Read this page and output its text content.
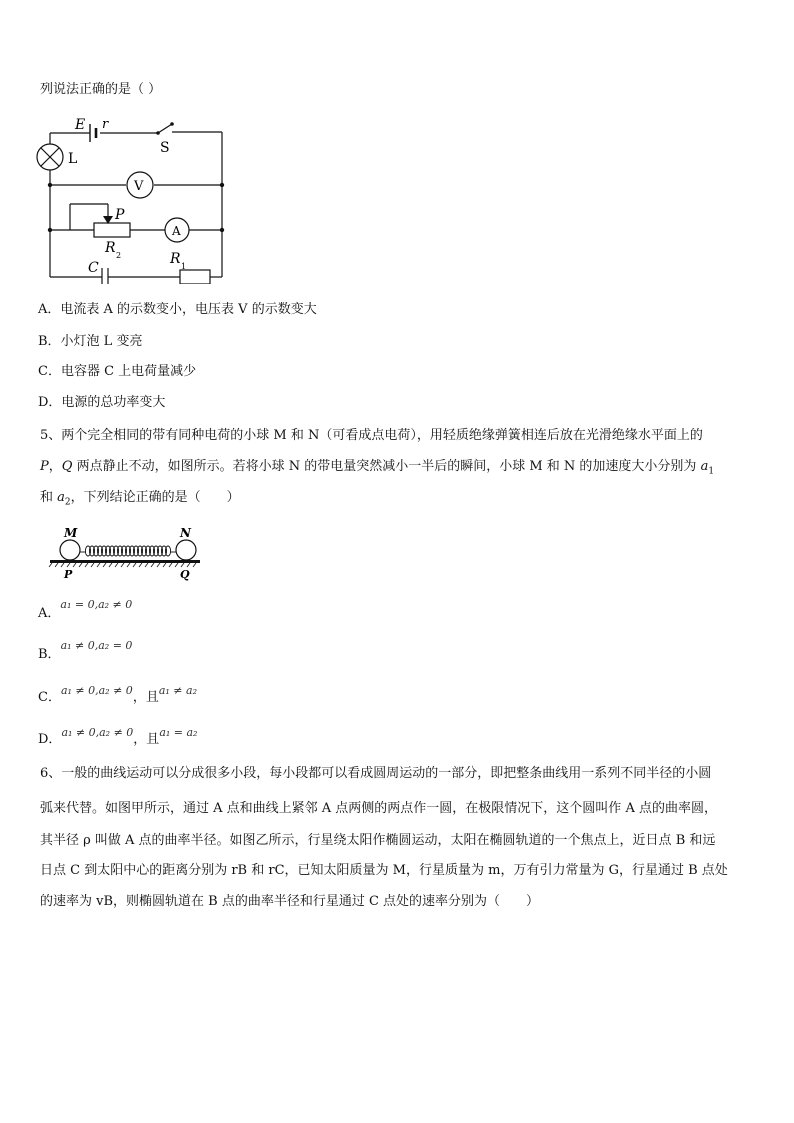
列说法正确的是（ ）
E r
S
L
V
P
A
R 2
C
R 1
A．电流表 A 的示数变小，电压表 V 的示数变大
B．小灯泡 L 变亮
C．电容器 C 上电荷量减少
D．电源的总功率变大
5、两个完全相同的带有同种电荷的小球 M 和 N（可看成点电荷），用轻质绝缘弹簧相连后放在光滑绝缘水平面上的
P，Q 两点静止不动，如图所示。若将小球 N 的带电量突然减小一半后的瞬间，小球 M 和 N 的加速度大小分别为 $a_1$
和 $a_2$，下列结论正确的是（　　）
M	N
P	Q
A．$^{a_1 = 0,a_2 \ne 0}$
B．$^{a_1 \ne 0,a_2 = 0}$
C．$^{a_1 \ne 0,a_2 \ne 0}$，且$^{a_1 \ne a_2}$
D．$^{a_1 \ne 0,a_2 \ne 0}$，且$^{a_1 = a_2}$
6、一般的曲线运动可以分成很多小段，每小段都可以看成圆周运动的一部分，即把整条曲线用一系列不同半径的小圆
弧来代替。如图甲所示，通过 A 点和曲线上紧邻 A 点两侧的两点作一圆，在极限情况下，这个圆叫作 A 点的曲率圆，
其半径 ρ 叫做 A 点的曲率半径。如图乙所示，行星绕太阳作椭圆运动，太阳在椭圆轨道的一个焦点上，近日点 B 和远
日点 C 到太阳中心的距离分别为 rB 和 rC，已知太阳质量为 M，行星质量为 m，万有引力常量为 G，行星通过 B 点处
的速率为 vB，则椭圆轨道在 B 点的曲率半径和行星通过 C 点处的速率分别为（　　）
